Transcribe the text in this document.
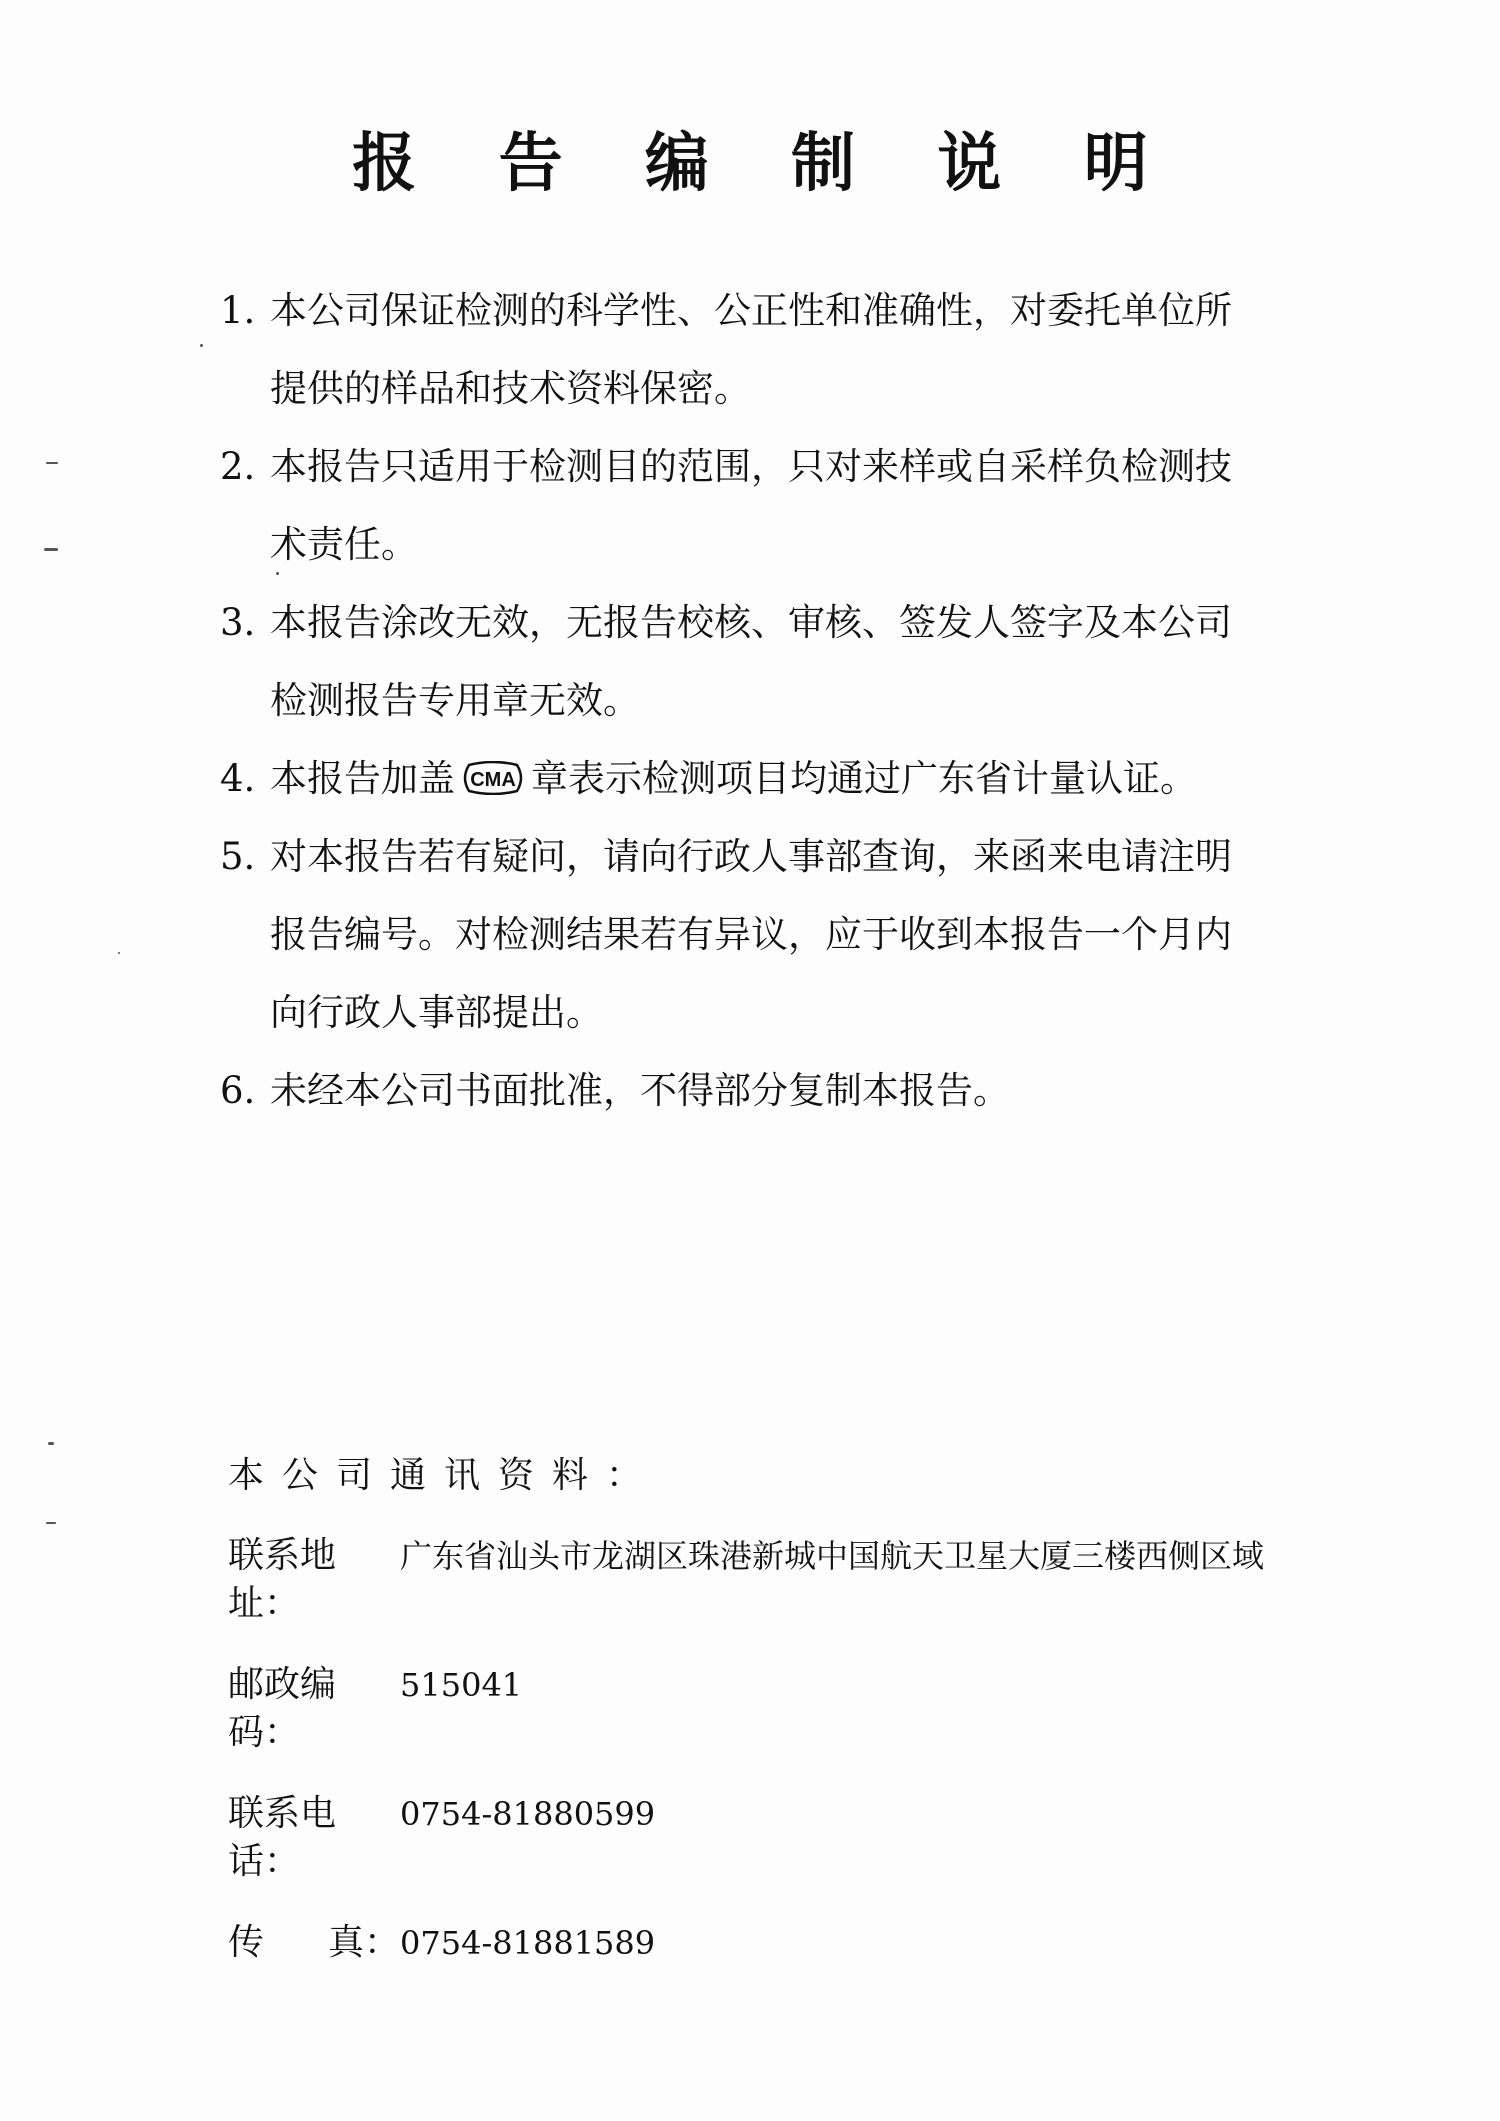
报 告 编 制 说 明
1. 本公司保证检测的科学性、公正性和准确性，对委托单位所提供的样品和技术资料保密。
2. 本报告只适用于检测目的范围，只对来样或自采样负检测技术责任。
3. 本报告涂改无效，无报告校核、审核、签发人签字及本公司检测报告专用章无效。
4. 本报告加盖 CMA 章表示检测项目均通过广东省计量认证。
5. 对本报告若有疑问，请向行政人事部查询，来函来电请注明报告编号。对检测结果若有异议，应于收到本报告一个月内向行政人事部提出。
6. 未经本公司书面批准，不得部分复制本报告。
本公司通讯资料：
联系地址：
广东省汕头市龙湖区珠港新城中国航天卫星大厦三楼西侧区域
邮政编码：
515041
联系电话：
0754-81880599
传 真： 0754-81881589
